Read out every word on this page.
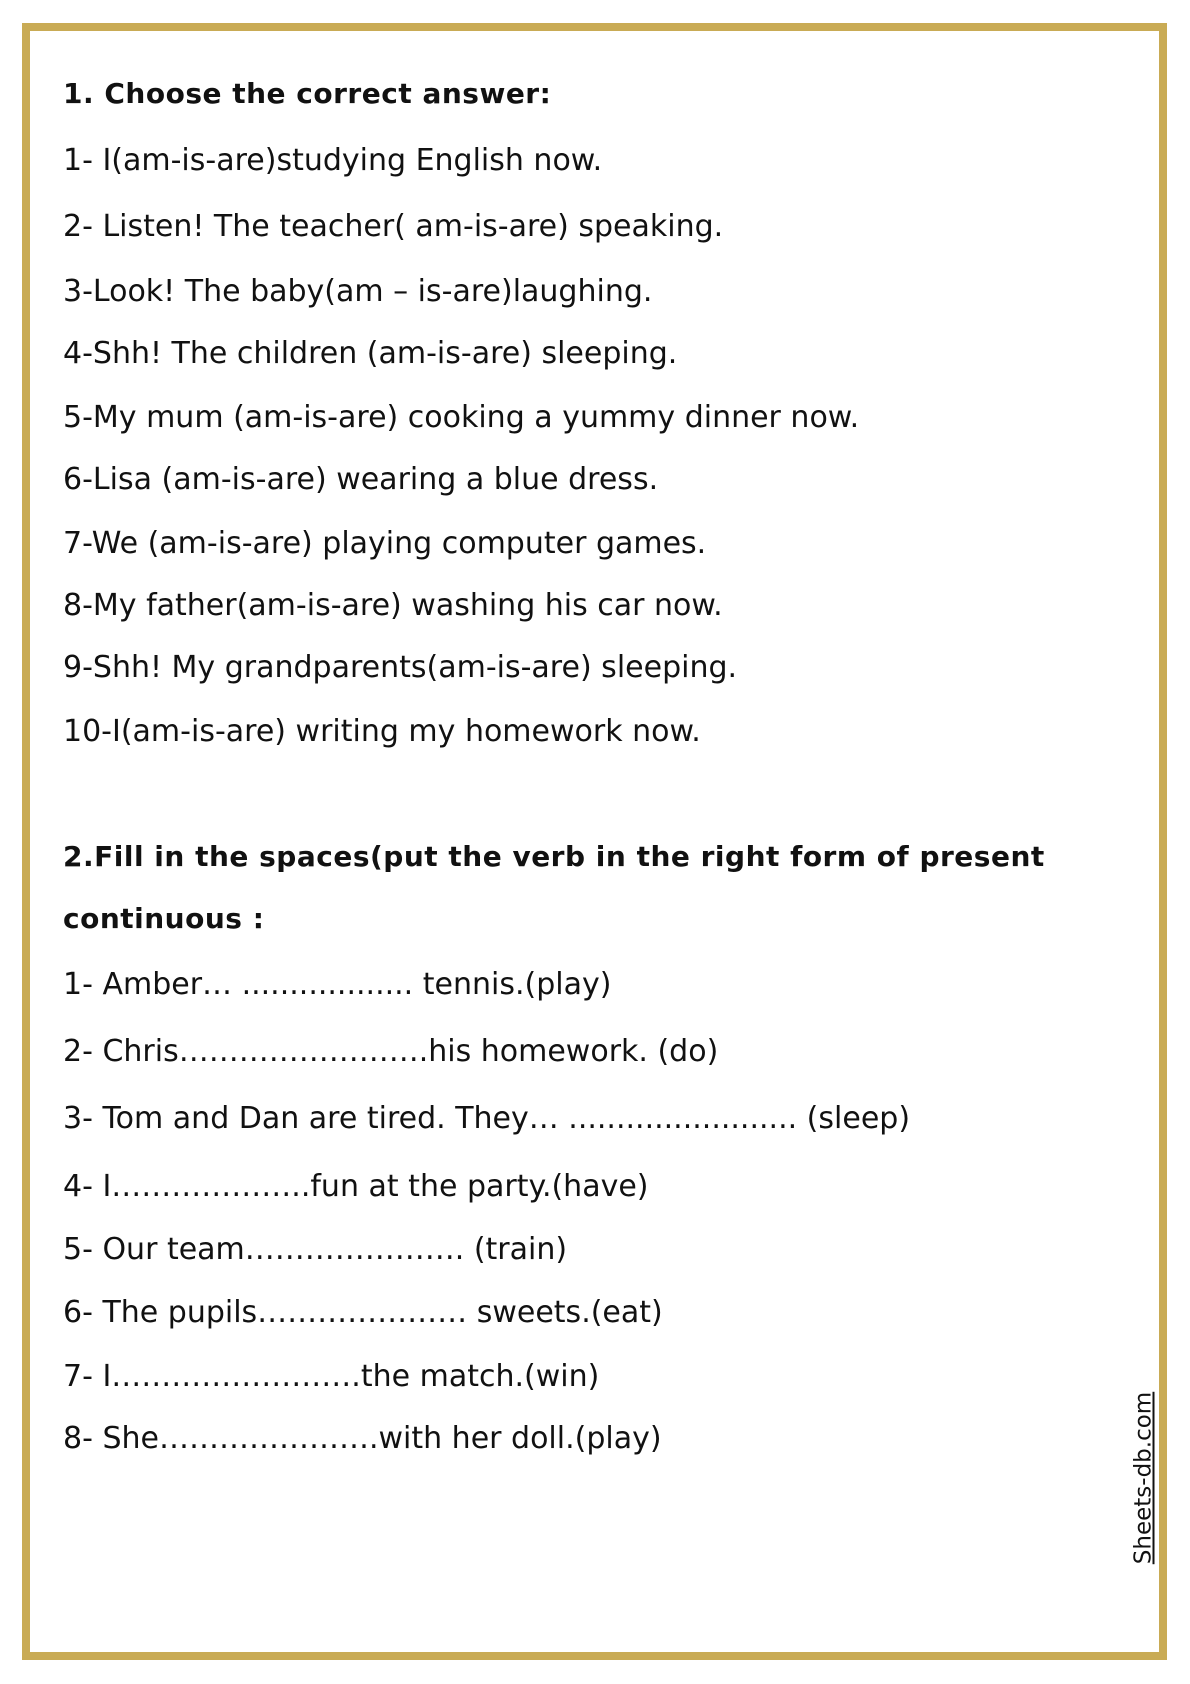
1. Choose the correct answer:

1- I(am-is-are)studying English now.

2- Listen! The teacher( am-is-are) speaking.

3-Look! The baby(am – is-are)laughing.

4-Shh! The children (am-is-are) sleeping.

5-My mum (am-is-are) cooking a yummy dinner now.

6-Lisa (am-is-are) wearing a blue dress.

7-We (am-is-are) playing computer games.

8-My father(am-is-are) washing his car now.

9-Shh! My grandparents(am-is-are) sleeping.

10-I(am-is-are) writing my homework now.

2.Fill in the spaces(put the verb in the right form of present
continuous :

1- Amber… .................. tennis.(play)

2- Chris…………………….his homework. (do)

3- Tom and Dan are tired. They… ........................ (sleep)

4- I………………..fun at the party.(have)

5- Our team…………………. (train)

6- The pupils………………… sweets.(eat)

7- I…………………….the match.(win)

8- She………………….with her doll.(play)	Sheets-db.com
